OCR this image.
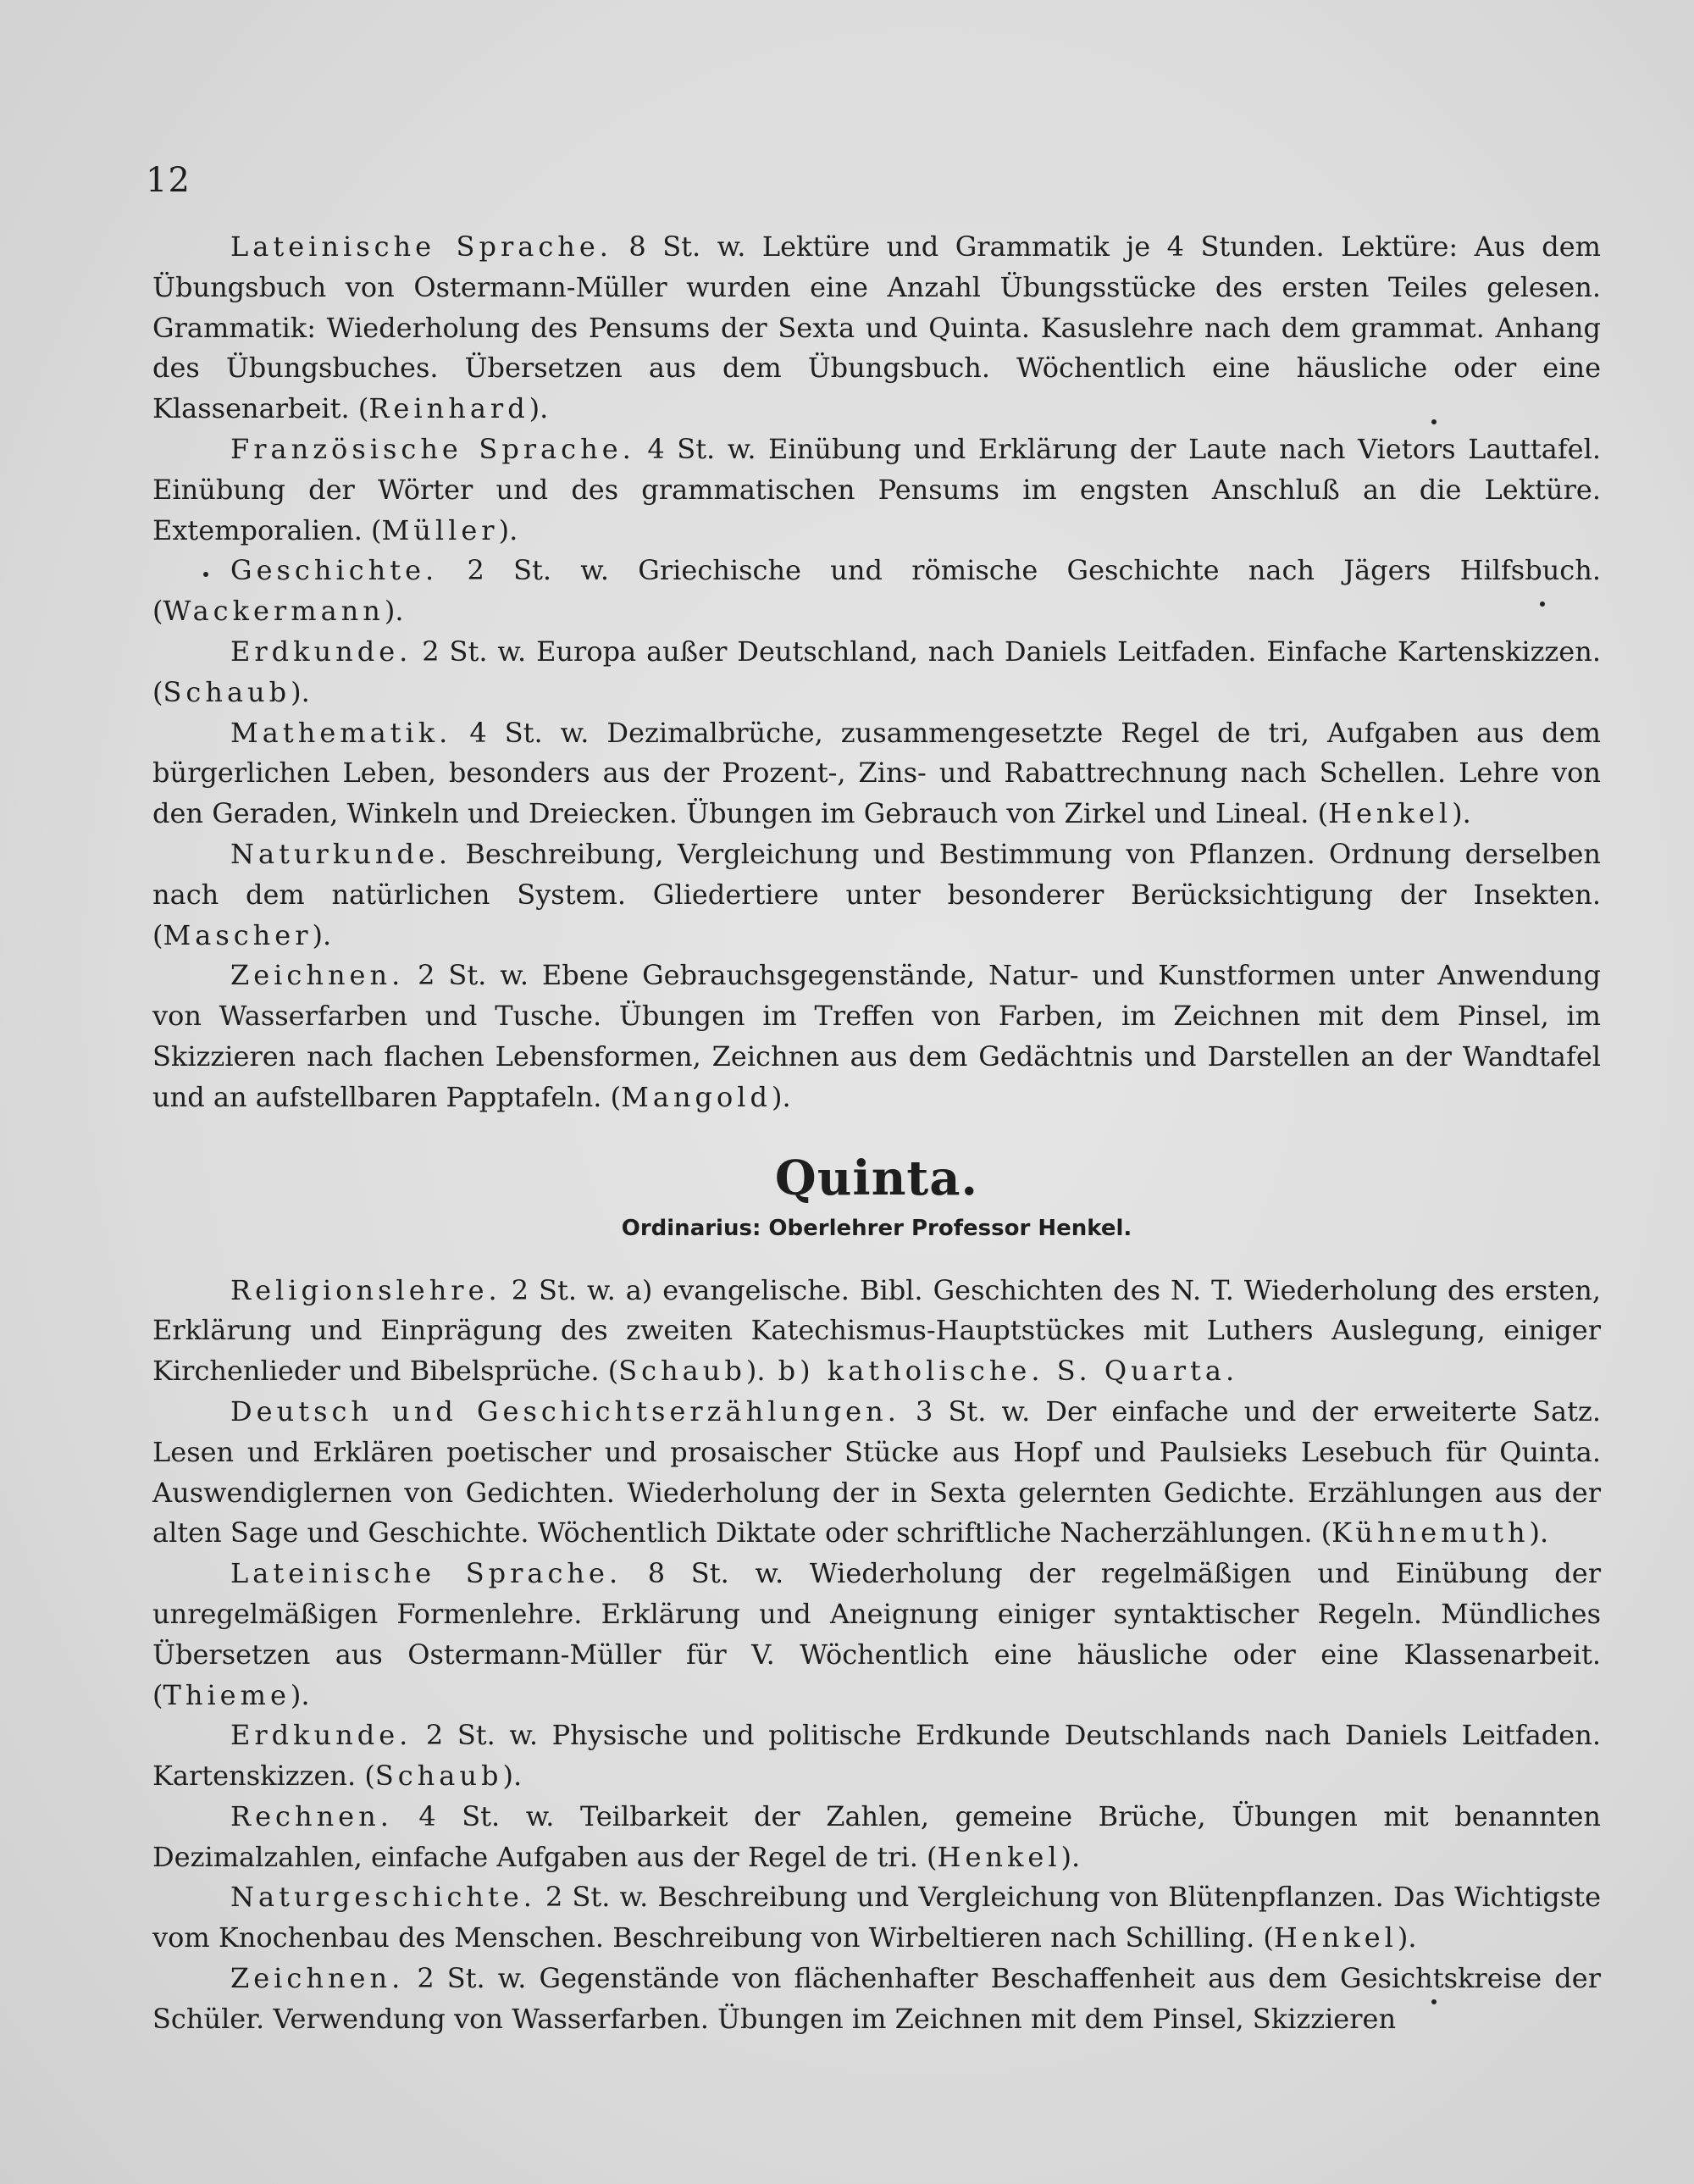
12

Lateinische Sprache. 8 St. w. Lektüre und Grammatik je 4 Stunden. Lektüre: Aus dem Übungsbuch von Ostermann-Müller wurden eine Anzahl Übungsstücke des ersten Teiles gelesen. Grammatik: Wiederholung des Pensums der Sexta und Quinta. Kasuslehre nach dem grammat. Anhang des Übungsbuches. Übersetzen aus dem Übungsbuch. Wöchentlich eine häusliche oder eine Klassenarbeit. (Reinhard).

Französische Sprache. 4 St. w. Einübung und Erklärung der Laute nach Vietors Lauttafel. Einübung der Wörter und des grammatischen Pensums im engsten Anschluß an die Lektüre. Extemporalien. (Müller).

Geschichte. 2 St. w. Griechische und römische Geschichte nach Jägers Hilfsbuch. (Wackermann).

Erdkunde. 2 St. w. Europa außer Deutschland, nach Daniels Leitfaden. Einfache Kartenskizzen. (Schaub).

Mathematik. 4 St. w. Dezimalbrüche, zusammengesetzte Regel de tri, Aufgaben aus dem bürgerlichen Leben, besonders aus der Prozent-, Zins- und Rabattrechnung nach Schellen. Lehre von den Geraden, Winkeln und Dreiecken. Übungen im Gebrauch von Zirkel und Lineal. (Henkel).

Naturkunde. Beschreibung, Vergleichung und Bestimmung von Pflanzen. Ordnung derselben nach dem natürlichen System. Gliedertiere unter besonderer Berücksichtigung der Insekten. (Mascher).

Zeichnen. 2 St. w. Ebene Gebrauchsgegenstände, Natur- und Kunstformen unter Anwendung von Wasserfarben und Tusche. Übungen im Treffen von Farben, im Zeichnen mit dem Pinsel, im Skizzieren nach flachen Lebensformen, Zeichnen aus dem Gedächtnis und Darstellen an der Wandtafel und an aufstellbaren Papptafeln. (Mangold).

Quinta.

Ordinarius: Oberlehrer Professor Henkel.

Religionslehre. 2 St. w. a) evangelische. Bibl. Geschichten des N. T. Wiederholung des ersten, Erklärung und Einprägung des zweiten Katechismus-Hauptstückes mit Luthers Auslegung, einiger Kirchenlieder und Bibelsprüche. (Schaub). b) katholische. S. Quarta.

Deutsch und Geschichtserzählungen. 3 St. w. Der einfache und der erweiterte Satz. Lesen und Erklären poetischer und prosaischer Stücke aus Hopf und Paulsieks Lesebuch für Quinta. Auswendiglernen von Gedichten. Wiederholung der in Sexta gelernten Gedichte. Erzählungen aus der alten Sage und Geschichte. Wöchentlich Diktate oder schriftliche Nacherzählungen. (Kühnemuth).

Lateinische Sprache. 8 St. w. Wiederholung der regelmäßigen und Einübung der unregelmäßigen Formenlehre. Erklärung und Aneignung einiger syntaktischer Regeln. Mündliches Übersetzen aus Ostermann-Müller für V. Wöchentlich eine häusliche oder eine Klassenarbeit. (Thieme).

Erdkunde. 2 St. w. Physische und politische Erdkunde Deutschlands nach Daniels Leitfaden. Kartenskizzen. (Schaub).

Rechnen. 4 St. w. Teilbarkeit der Zahlen, gemeine Brüche, Übungen mit benannten Dezimalzahlen, einfache Aufgaben aus der Regel de tri. (Henkel).

Naturgeschichte. 2 St. w. Beschreibung und Vergleichung von Blütenpflanzen. Das Wichtigste vom Knochenbau des Menschen. Beschreibung von Wirbeltieren nach Schilling. (Henkel).

Zeichnen. 2 St. w. Gegenstände von flächenhafter Beschaffenheit aus dem Gesichtskreise der Schüler. Verwendung von Wasserfarben. Übungen im Zeichnen mit dem Pinsel, Skizzieren
